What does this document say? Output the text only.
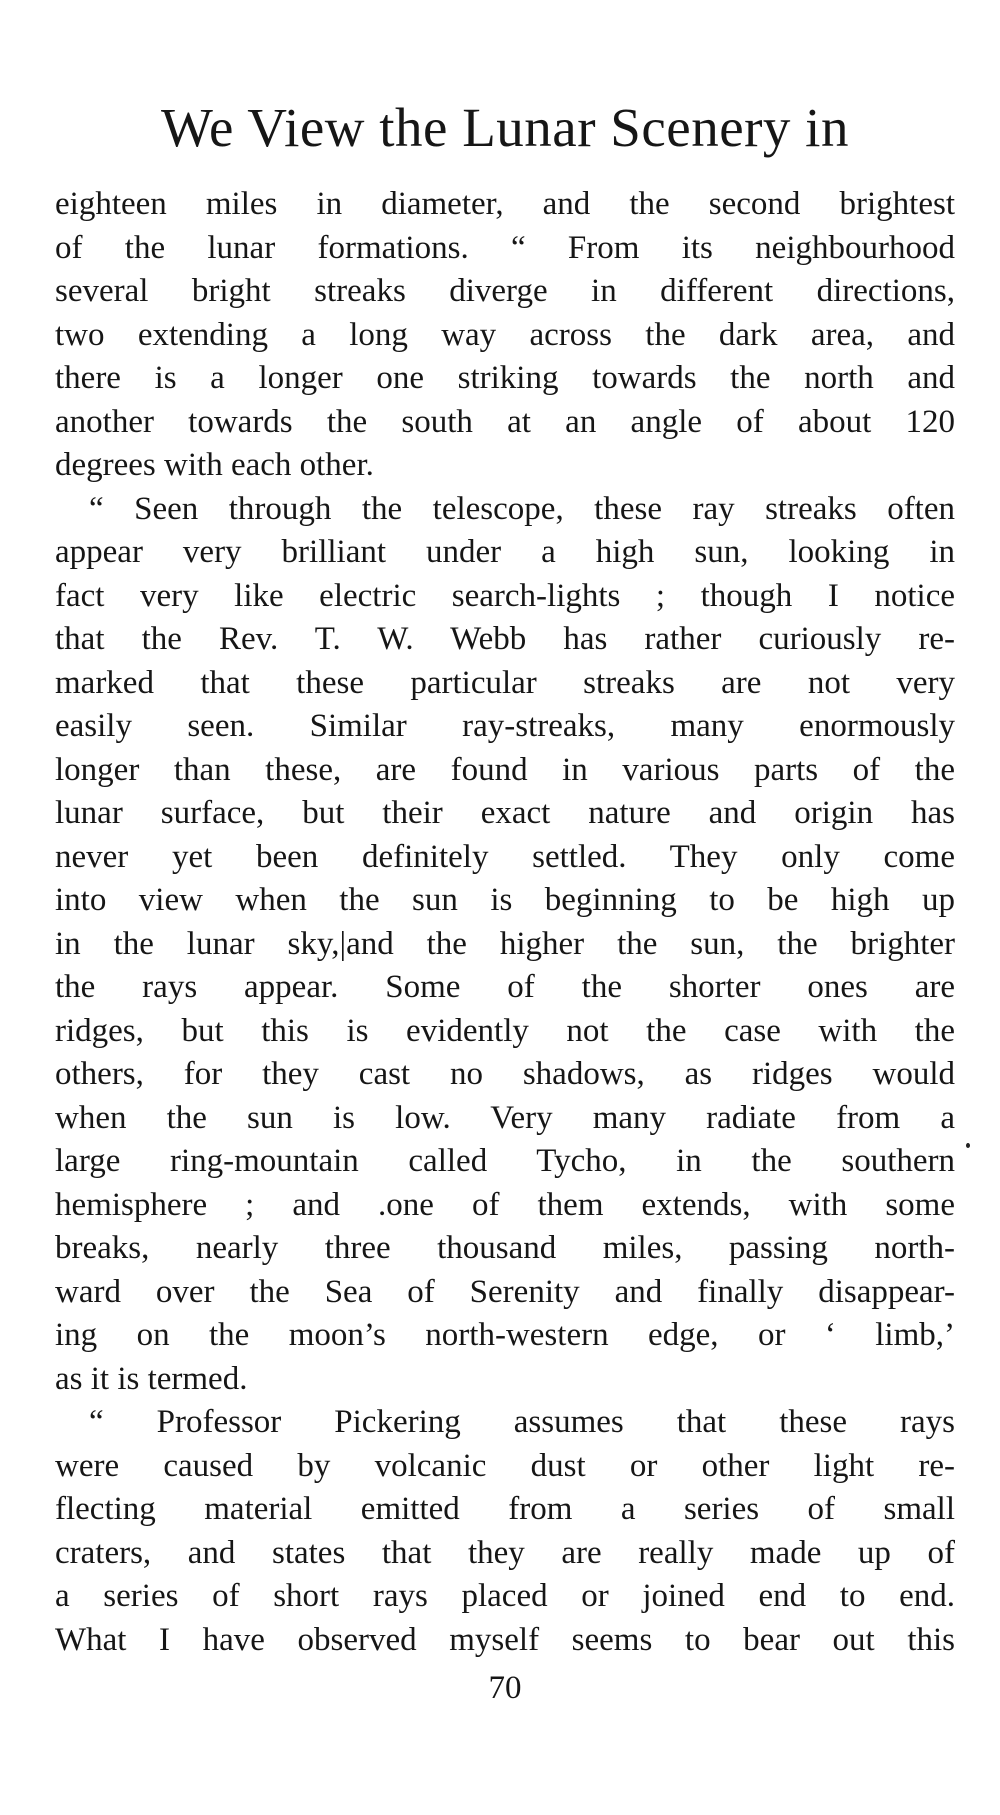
We View the Lunar Scenery in
eighteen miles in diameter, and the second brightest
of the lunar formations. “ From its neighbourhood
several bright streaks diverge in different directions,
two extending a long way across the dark area, and
there is a longer one striking towards the north and
another towards the south at an angle of about 120
degrees with each other.
“ Seen through the telescope, these ray streaks often
appear very brilliant under a high sun, looking in
fact very like electric search-lights ; though I notice
that the Rev. T. W. Webb has rather curiously re-
marked that these particular streaks are not very
easily seen. Similar ray-streaks, many enormously
longer than these, are found in various parts of the
lunar surface, but their exact nature and origin has
never yet been definitely settled. They only come
into view when the sun is beginning to be high up
in the lunar sky,|and the higher the sun, the brighter
the rays appear. Some of the shorter ones are
ridges, but this is evidently not the case with the
others, for they cast no shadows, as ridges would
when the sun is low. Very many radiate from a
large ring-mountain called Tycho, in the southern
hemisphere ; and .one of them extends, with some
breaks, nearly three thousand miles, passing north-
ward over the Sea of Serenity and finally disappear-
ing on the moon’s north-western edge, or ‘ limb,’
as it is termed.
“ Professor Pickering assumes that these rays
were caused by volcanic dust or other light re-
flecting material emitted from a series of small
craters, and states that they are really made up of
a series of short rays placed or joined end to end.
What I have observed myself seems to bear out this
70
